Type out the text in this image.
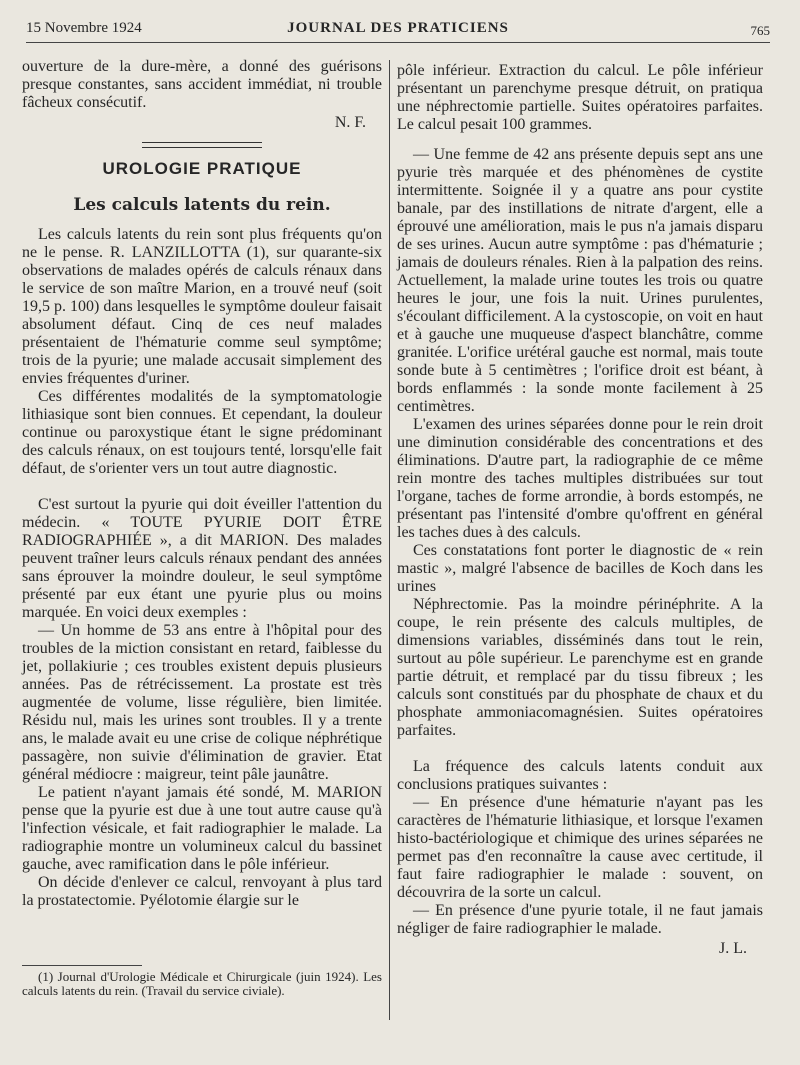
15 Novembre 1924	JOURNAL DES PRATICIENS	765

ouverture de la dure-mère, a donné des guérisons presque constantes, sans accident immédiat, ni trouble fâcheux consécutif.

N. F.
UROLOGIE PRATIQUE
Les calculs latents du rein.

Les calculs latents du rein sont plus fréquents qu'on ne le pense. R. LANZILLOTTA (1), sur quarante-six observations de malades opérés de calculs rénaux dans le service de son maître Marion, en a trouvé neuf (soit 19,5 p. 100) dans lesquelles le symptôme douleur faisait absolument défaut. Cinq de ces neuf malades présentaient de l'hématurie comme seul symptôme; trois de la pyurie; une malade accusait simplement des envies fréquentes d'uriner.

Ces différentes modalités de la symptomatologie lithiasique sont bien connues. Et cependant, la douleur continue ou paroxystique étant le signe prédominant des calculs rénaux, on est toujours tenté, lorsqu'elle fait défaut, de s'orienter vers un tout autre diagnostic.

C'est surtout la pyurie qui doit éveiller l'attention du médecin. « TOUTE PYURIE DOIT ÊTRE RADIOGRAPHIÉE », a dit MARION. Des malades peuvent traîner leurs calculs rénaux pendant des années sans éprouver la moindre douleur, le seul symptôme présenté par eux étant une pyurie plus ou moins marquée. En voici deux exemples :

— Un homme de 53 ans entre à l'hôpital pour des troubles de la miction consistant en retard, faiblesse du jet, pollakiurie ; ces troubles existent depuis plusieurs années. Pas de rétrécissement. La prostate est très augmentée de volume, lisse régulière, bien limitée. Résidu nul, mais les urines sont troubles. Il y a trente ans, le malade avait eu une crise de colique néphrétique passagère, non suivie d'élimination de gravier. Etat général médiocre : maigreur, teint pâle jaunâtre.

Le patient n'ayant jamais été sondé, M. MARION pense que la pyurie est due à une tout autre cause qu'à l'infection vésicale, et fait radiographier le malade. La radiographie montre un volumineux calcul du bassinet gauche, avec ramification dans le pôle inférieur.

On décide d'enlever ce calcul, renvoyant à plus tard la prostatectomie. Pyélotomie élargie sur le

(1) Journal d'Urologie Médicale et Chirurgicale (juin 1924). Les calculs latents du rein. (Travail du service civiale).

pôle inférieur. Extraction du calcul. Le pôle inférieur présentant un parenchyme presque détruit, on pratiqua une néphrectomie partielle. Suites opératoires parfaites. Le calcul pesait 100 grammes.

— Une femme de 42 ans présente depuis sept ans une pyurie très marquée et des phénomènes de cystite intermittente. Soignée il y a quatre ans pour cystite banale, par des instillations de nitrate d'argent, elle a éprouvé une amélioration, mais le pus n'a jamais disparu de ses urines. Aucun autre symptôme : pas d'hématurie ; jamais de douleurs rénales. Rien à la palpation des reins. Actuellement, la malade urine toutes les trois ou quatre heures le jour, une fois la nuit. Urines purulentes, s'écoulant difficilement. A la cystoscopie, on voit en haut et à gauche une muqueuse d'aspect blanchâtre, comme granitée. L'orifice urétéral gauche est normal, mais toute sonde bute à 5 centimètres ; l'orifice droit est béant, à bords enflammés : la sonde monte facilement à 25 centimètres.

L'examen des urines séparées donne pour le rein droit une diminution considérable des concentrations et des éliminations. D'autre part, la radiographie de ce même rein montre des taches multiples distribuées sur tout l'organe, taches de forme arrondie, à bords estompés, ne présentant pas l'intensité d'ombre qu'offrent en général les taches dues à des calculs.

Ces constatations font porter le diagnostic de « rein mastic », malgré l'absence de bacilles de Koch dans les urines

Néphrectomie. Pas la moindre périnéphrite. A la coupe, le rein présente des calculs multiples, de dimensions variables, disséminés dans tout le rein, surtout au pôle supérieur. Le parenchyme est en grande partie détruit, et remplacé par du tissu fibreux ; les calculs sont constitués par du phosphate de chaux et du phosphate ammoniacomagnésien. Suites opératoires parfaites.

La fréquence des calculs latents conduit aux conclusions pratiques suivantes :

— En présence d'une hématurie n'ayant pas les caractères de l'hématurie lithiasique, et lorsque l'examen histo-bactériologique et chimique des urines séparées ne permet pas d'en reconnaître la cause avec certitude, il faut faire radiographier le malade : souvent, on découvrira de la sorte un calcul.

— En présence d'une pyurie totale, il ne faut jamais négliger de faire radiographier le malade.

J. L.
